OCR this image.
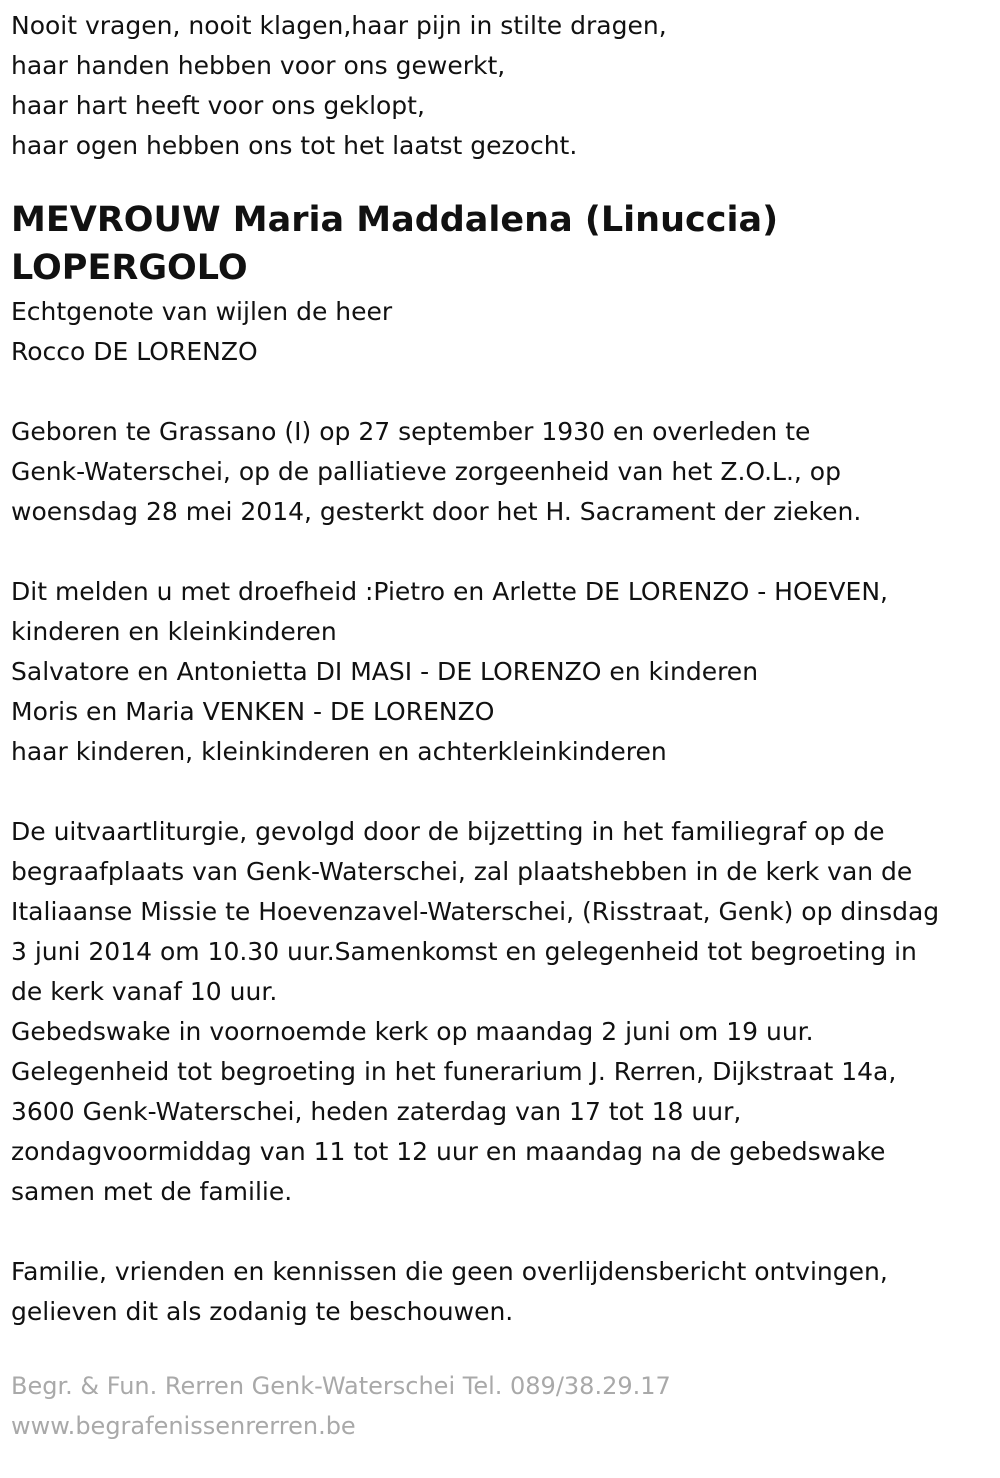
Nooit vragen, nooit klagen,haar pijn in stilte dragen,
haar handen hebben voor ons gewerkt,
haar hart heeft voor ons geklopt,
haar ogen hebben ons tot het laatst gezocht.
MEVROUW Maria Maddalena (Linuccia)
LOPERGOLO
Echtgenote van wijlen de heer
Rocco DE LORENZO
Geboren te Grassano (I) op 27 september 1930 en overleden te
Genk-Waterschei, op de palliatieve zorgeenheid van het Z.O.L., op
woensdag 28 mei 2014, gesterkt door het H. Sacrament der zieken.
Dit melden u met droefheid :Pietro en Arlette DE LORENZO - HOEVEN,
kinderen en kleinkinderen
Salvatore en Antonietta DI MASI - DE LORENZO en kinderen
Moris en Maria VENKEN - DE LORENZO
haar kinderen, kleinkinderen en achterkleinkinderen
De uitvaartliturgie, gevolgd door de bijzetting in het familiegraf op de
begraafplaats van Genk-Waterschei, zal plaatshebben in de kerk van de
Italiaanse Missie te Hoevenzavel-Waterschei, (Risstraat, Genk) op dinsdag
3 juni 2014 om 10.30 uur.Samenkomst en gelegenheid tot begroeting in
de kerk vanaf 10 uur.
Gebedswake in voornoemde kerk op maandag 2 juni om 19 uur.
Gelegenheid tot begroeting in het funerarium J. Rerren, Dijkstraat 14a,
3600 Genk-Waterschei, heden zaterdag van 17 tot 18 uur,
zondagvoormiddag van 11 tot 12 uur en maandag na de gebedswake
samen met de familie.
Familie, vrienden en kennissen die geen overlijdensbericht ontvingen,
gelieven dit als zodanig te beschouwen.
Begr. & Fun. Rerren Genk-Waterschei Tel. 089/38.29.17
www.begrafenissenrerren.be
